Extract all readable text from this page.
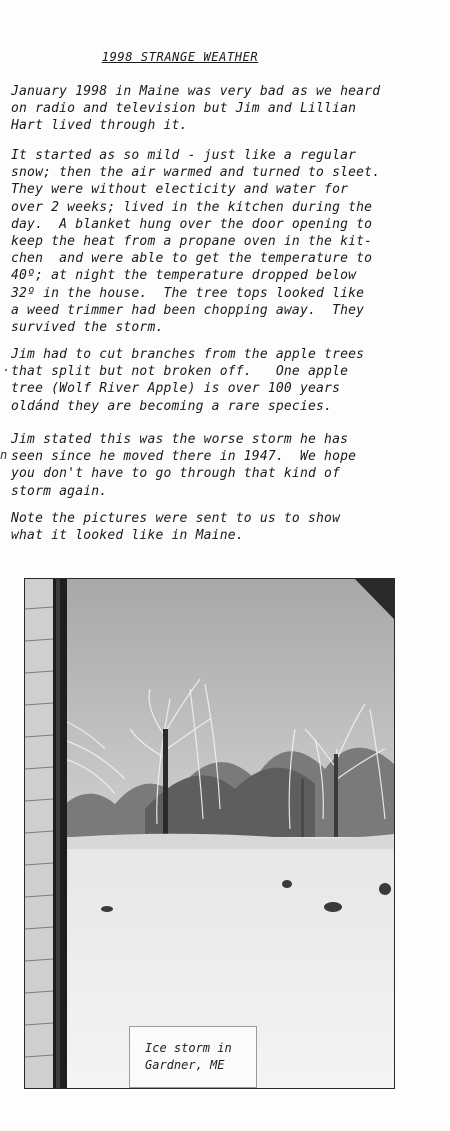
1998 STRANGE WEATHER

January 1998 in Maine was very bad as we heard
on radio and television but Jim and Lillian
Hart lived through it.

It started as so mild - just like a regular
snow; then the air warmed and turned to sleet.
They were without electicity and water for
over 2 weeks; lived in the kitchen during the
day.  A blanket hung over the door opening to
keep the heat from a propane oven in the kit-
chen  and were able to get the temperature to
40º; at night the temperature dropped below
32º in the house.  The tree tops looked like
a weed trimmer had been chopping away.  They
survived the storm.

Jim had to cut branches from the apple trees
that split but not broken off.   One apple
tree (Wolf River Apple) is over 100 years
oldánd they are becoming a rare species.

Jim stated this was the worse storm he has
seen since he moved there in 1947.  We hope
you don't have to go through that kind of
storm again.

Note the pictures were sent to us to show
what it looked like in Maine.

.
n
Ice storm in
Gardner, ME
